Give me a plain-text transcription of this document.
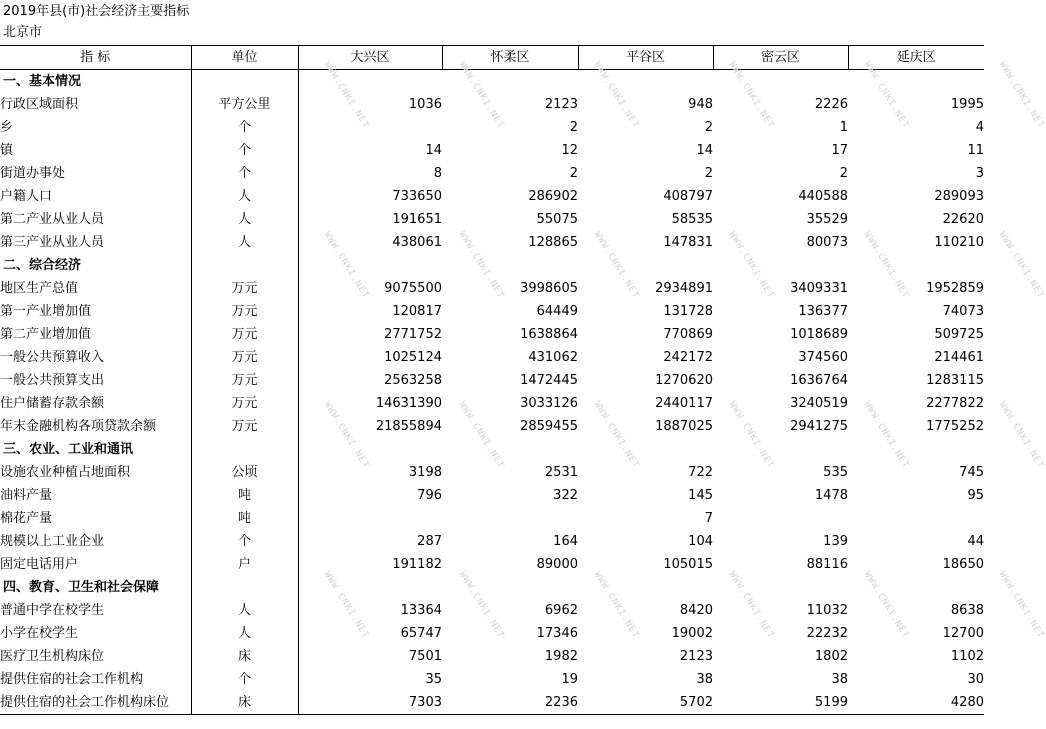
2019年县(市)社会经济主要指标
北京市
指 标	单位	大兴区	怀柔区	平谷区	密云区	延庆区
一、基本情况						
行政区域面积	平方公里	1036	2123	948	2226	1995
乡	个		2	2	1	4
镇	个	14	12	14	17	11
街道办事处	个	8	2	2	2	3
户籍人口	人	733650	286902	408797	440588	289093
第二产业从业人员	人	191651	55075	58535	35529	22620
第三产业从业人员	人	438061	128865	147831	80073	110210
二、综合经济						
地区生产总值	万元	9075500	3998605	2934891	3409331	1952859
第一产业增加值	万元	120817	64449	131728	136377	74073
第二产业增加值	万元	2771752	1638864	770869	1018689	509725
一般公共预算收入	万元	1025124	431062	242172	374560	214461
一般公共预算支出	万元	2563258	1472445	1270620	1636764	1283115
住户储蓄存款余额	万元	14631390	3033126	2440117	3240519	2277822
年末金融机构各项贷款余额	万元	21855894	2859455	1887025	2941275	1775252
三、农业、工业和通讯						
设施农业种植占地面积	公顷	3198	2531	722	535	745
油料产量	吨	796	322	145	1478	95
棉花产量	吨			7		
规模以上工业企业	个	287	164	104	139	44
固定电话用户	户	191182	89000	105015	88116	18650
四、教育、卫生和社会保障						
普通中学在校学生	人	13364	6962	8420	11032	8638
小学在校学生	人	65747	17346	19002	22232	12700
医疗卫生机构床位	床	7501	1982	2123	1802	1102
提供住宿的社会工作机构	个	35	19	38	38	30
提供住宿的社会工作机构床位	床	7303	2236	5702	5199	4280
WWW.CNKI.NET
WWW.CNKI.NET
WWW.CNKI.NET
WWW.CNKI.NET
WWW.CNKI.NET
WWW.CNKI.NET
WWW.CNKI.NET
WWW.CNKI.NET
WWW.CNKI.NET
WWW.CNKI.NET
WWW.CNKI.NET
WWW.CNKI.NET
WWW.CNKI.NET
WWW.CNKI.NET
WWW.CNKI.NET
WWW.CNKI.NET
WWW.CNKI.NET
WWW.CNKI.NET
WWW.CNKI.NET
WWW.CNKI.NET
WWW.CNKI.NET
WWW.CNKI.NET
WWW.CNKI.NET
WWW.CNKI.NET
